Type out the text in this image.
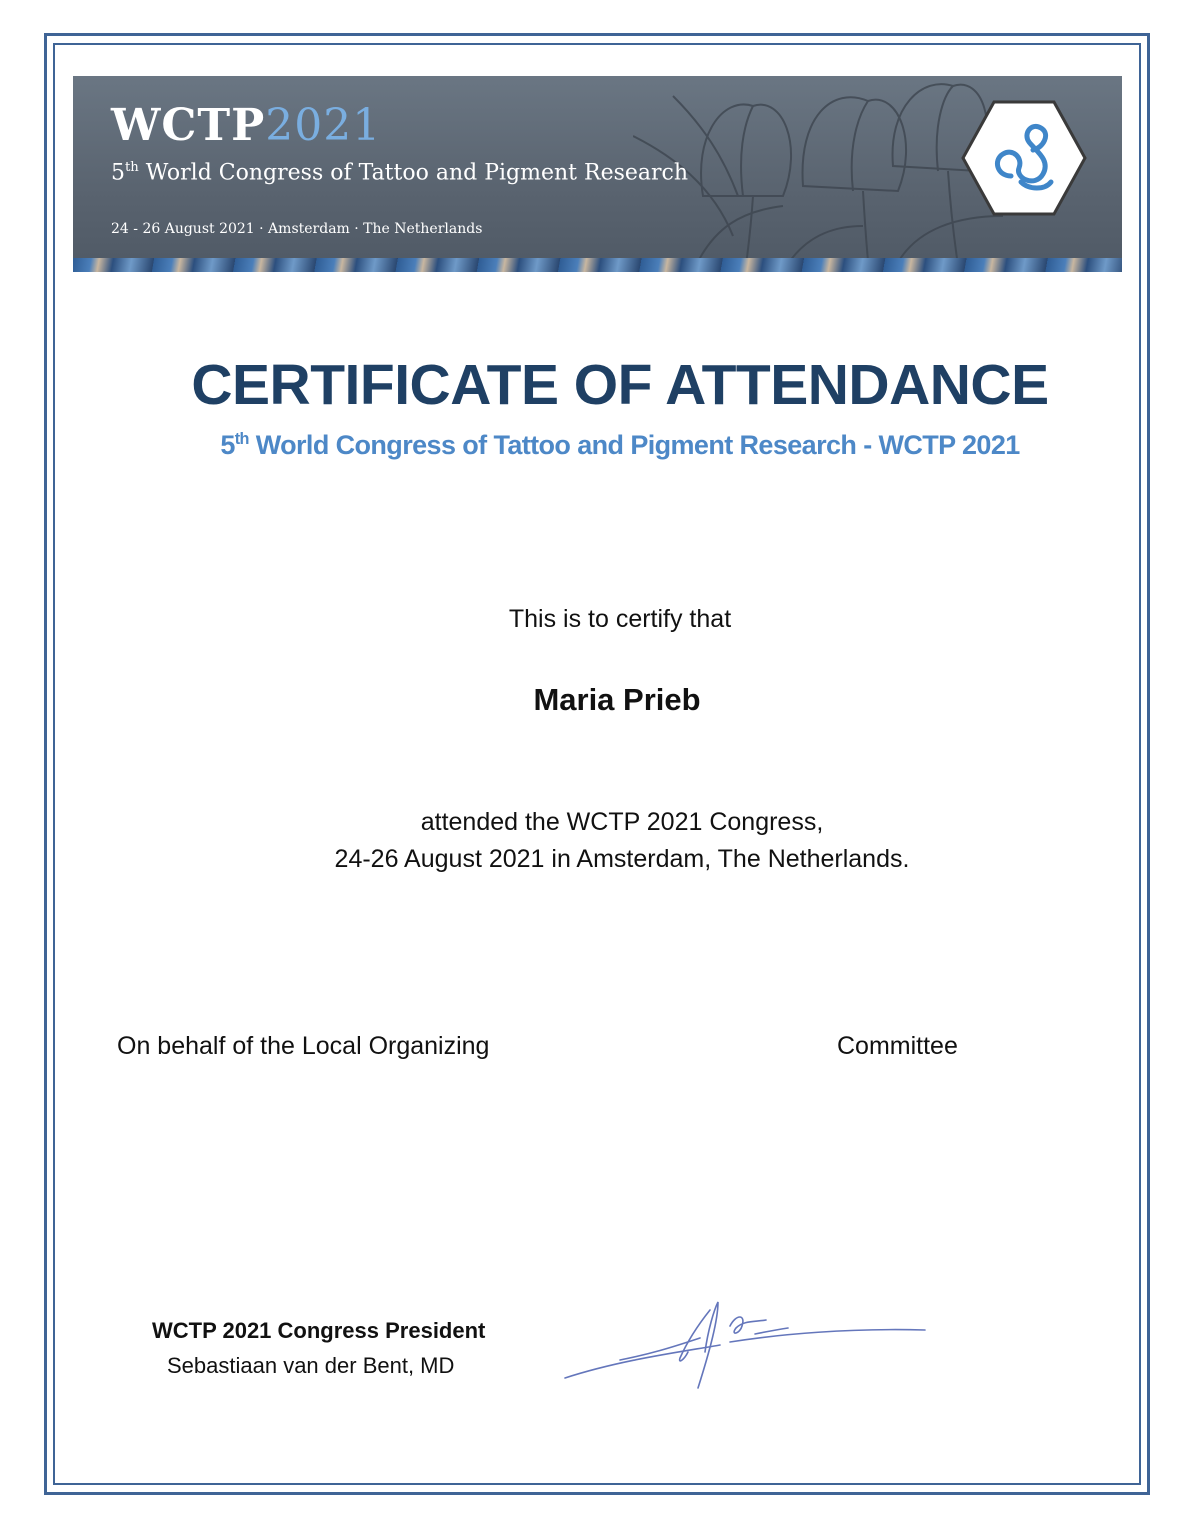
WCTP2021

5th World Congress of Tattoo and Pigment Research

24 - 26 August 2021 · Amsterdam · The Netherlands

CERTIFICATE OF ATTENDANCE

5th World Congress of Tattoo and Pigment Research - WCTP 2021

This is to certify that

Maria Prieb

attended the WCTP 2021 Congress,

24-26 August 2021 in Amsterdam, The Netherlands.

On behalf of the Local Organizing	Committee

WCTP 2021 Congress President

Sebastiaan van der Bent, MD
